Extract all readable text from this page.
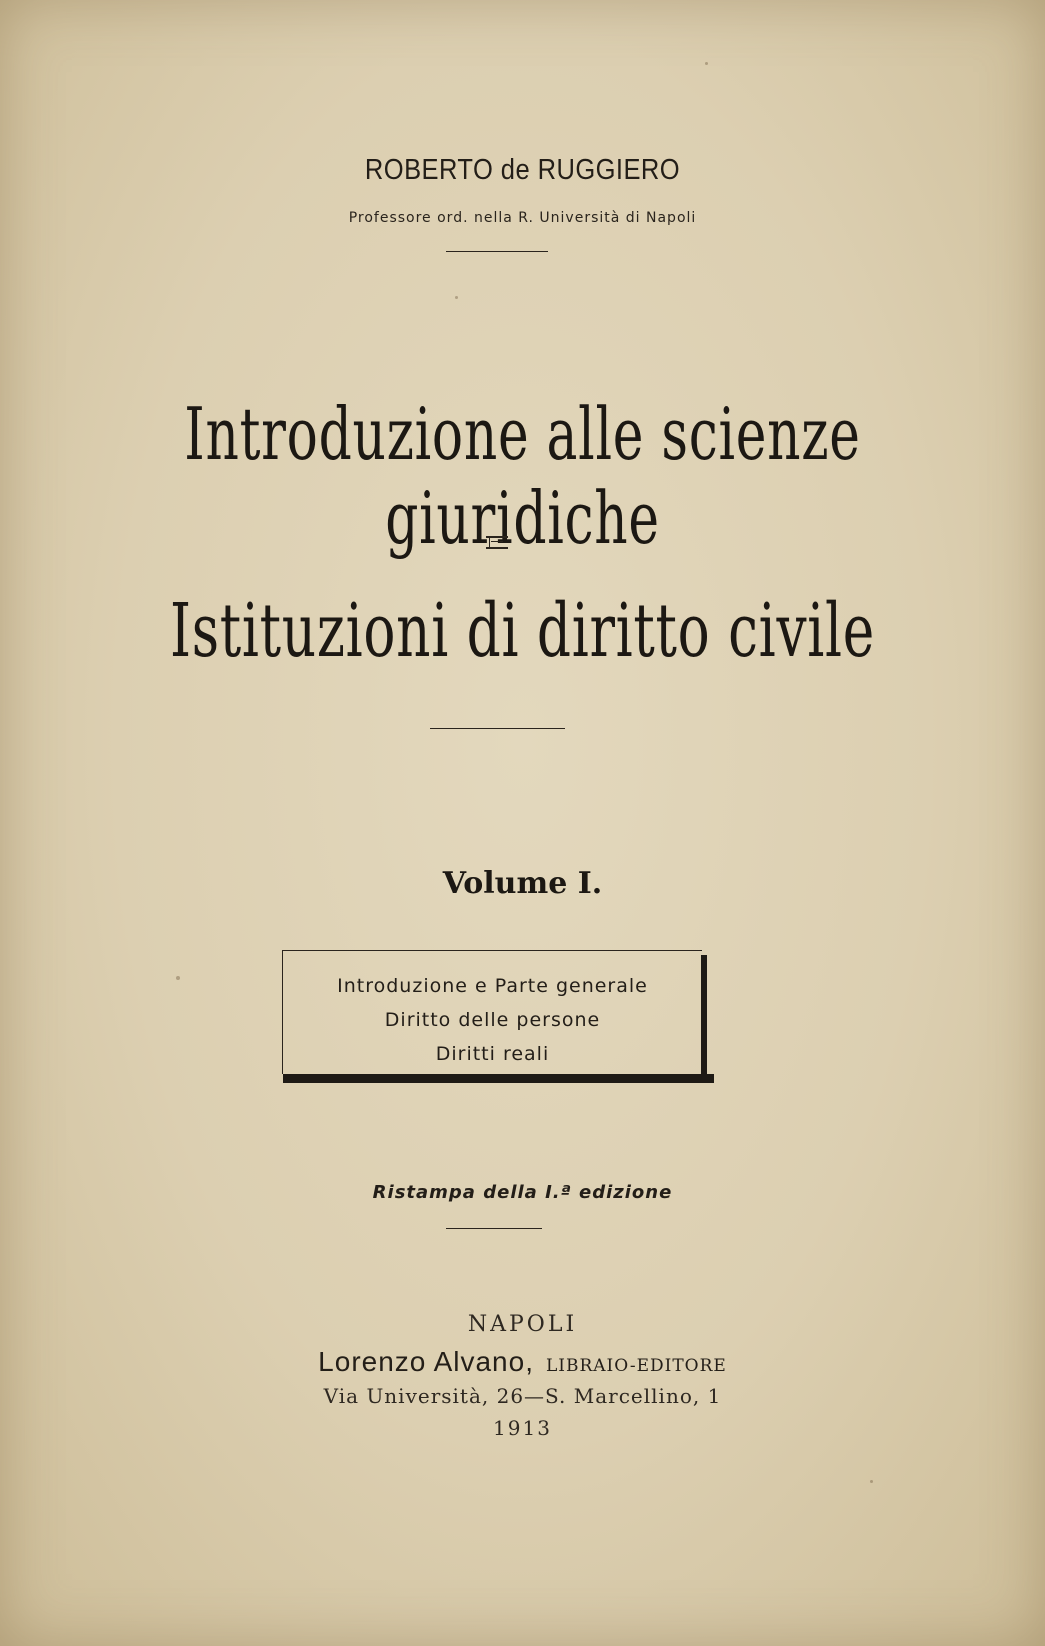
ROBERTO de RUGGIERO
Professore ord. nella R. Università di Napoli
Introduzione alle scienze giuridiche
Istituzioni di diritto civile
Volume I.
Introduzione e Parte generale
Diritto delle persone
Diritti reali
Ristampa della I.ª edizione
NAPOLI
Lorenzo Alvano, LIBRAIO-EDITORE
Via Università, 26—S. Marcellino, 1
1913
